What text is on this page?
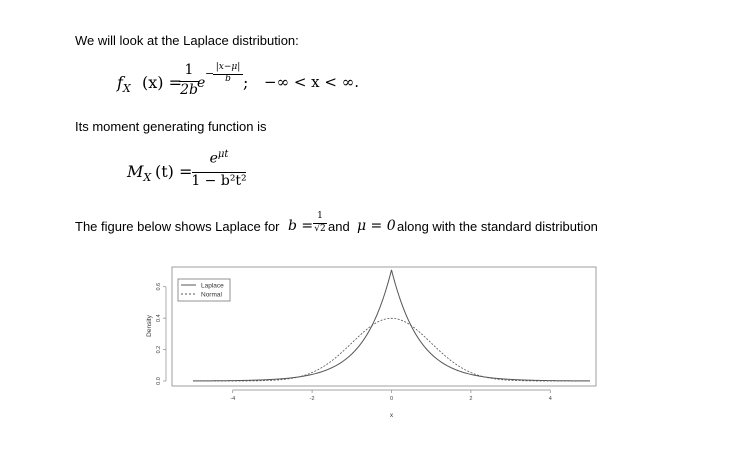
We will look at the Laplace distribution:
$f_X$ (x) =
1
2b e
− |x−μ|
b ; −∞ < x < ∞.
Its moment generating function is
$M_X$ (t) =
$e^{\mu t}$
1 − b²t²
The figure below shows Laplace for b =
1
√2 and μ = 0 along with the standard distribution
0.0
0.2
0.4
0.6
-4	-2	0	2	4
Laplace
Normal
Density
x
